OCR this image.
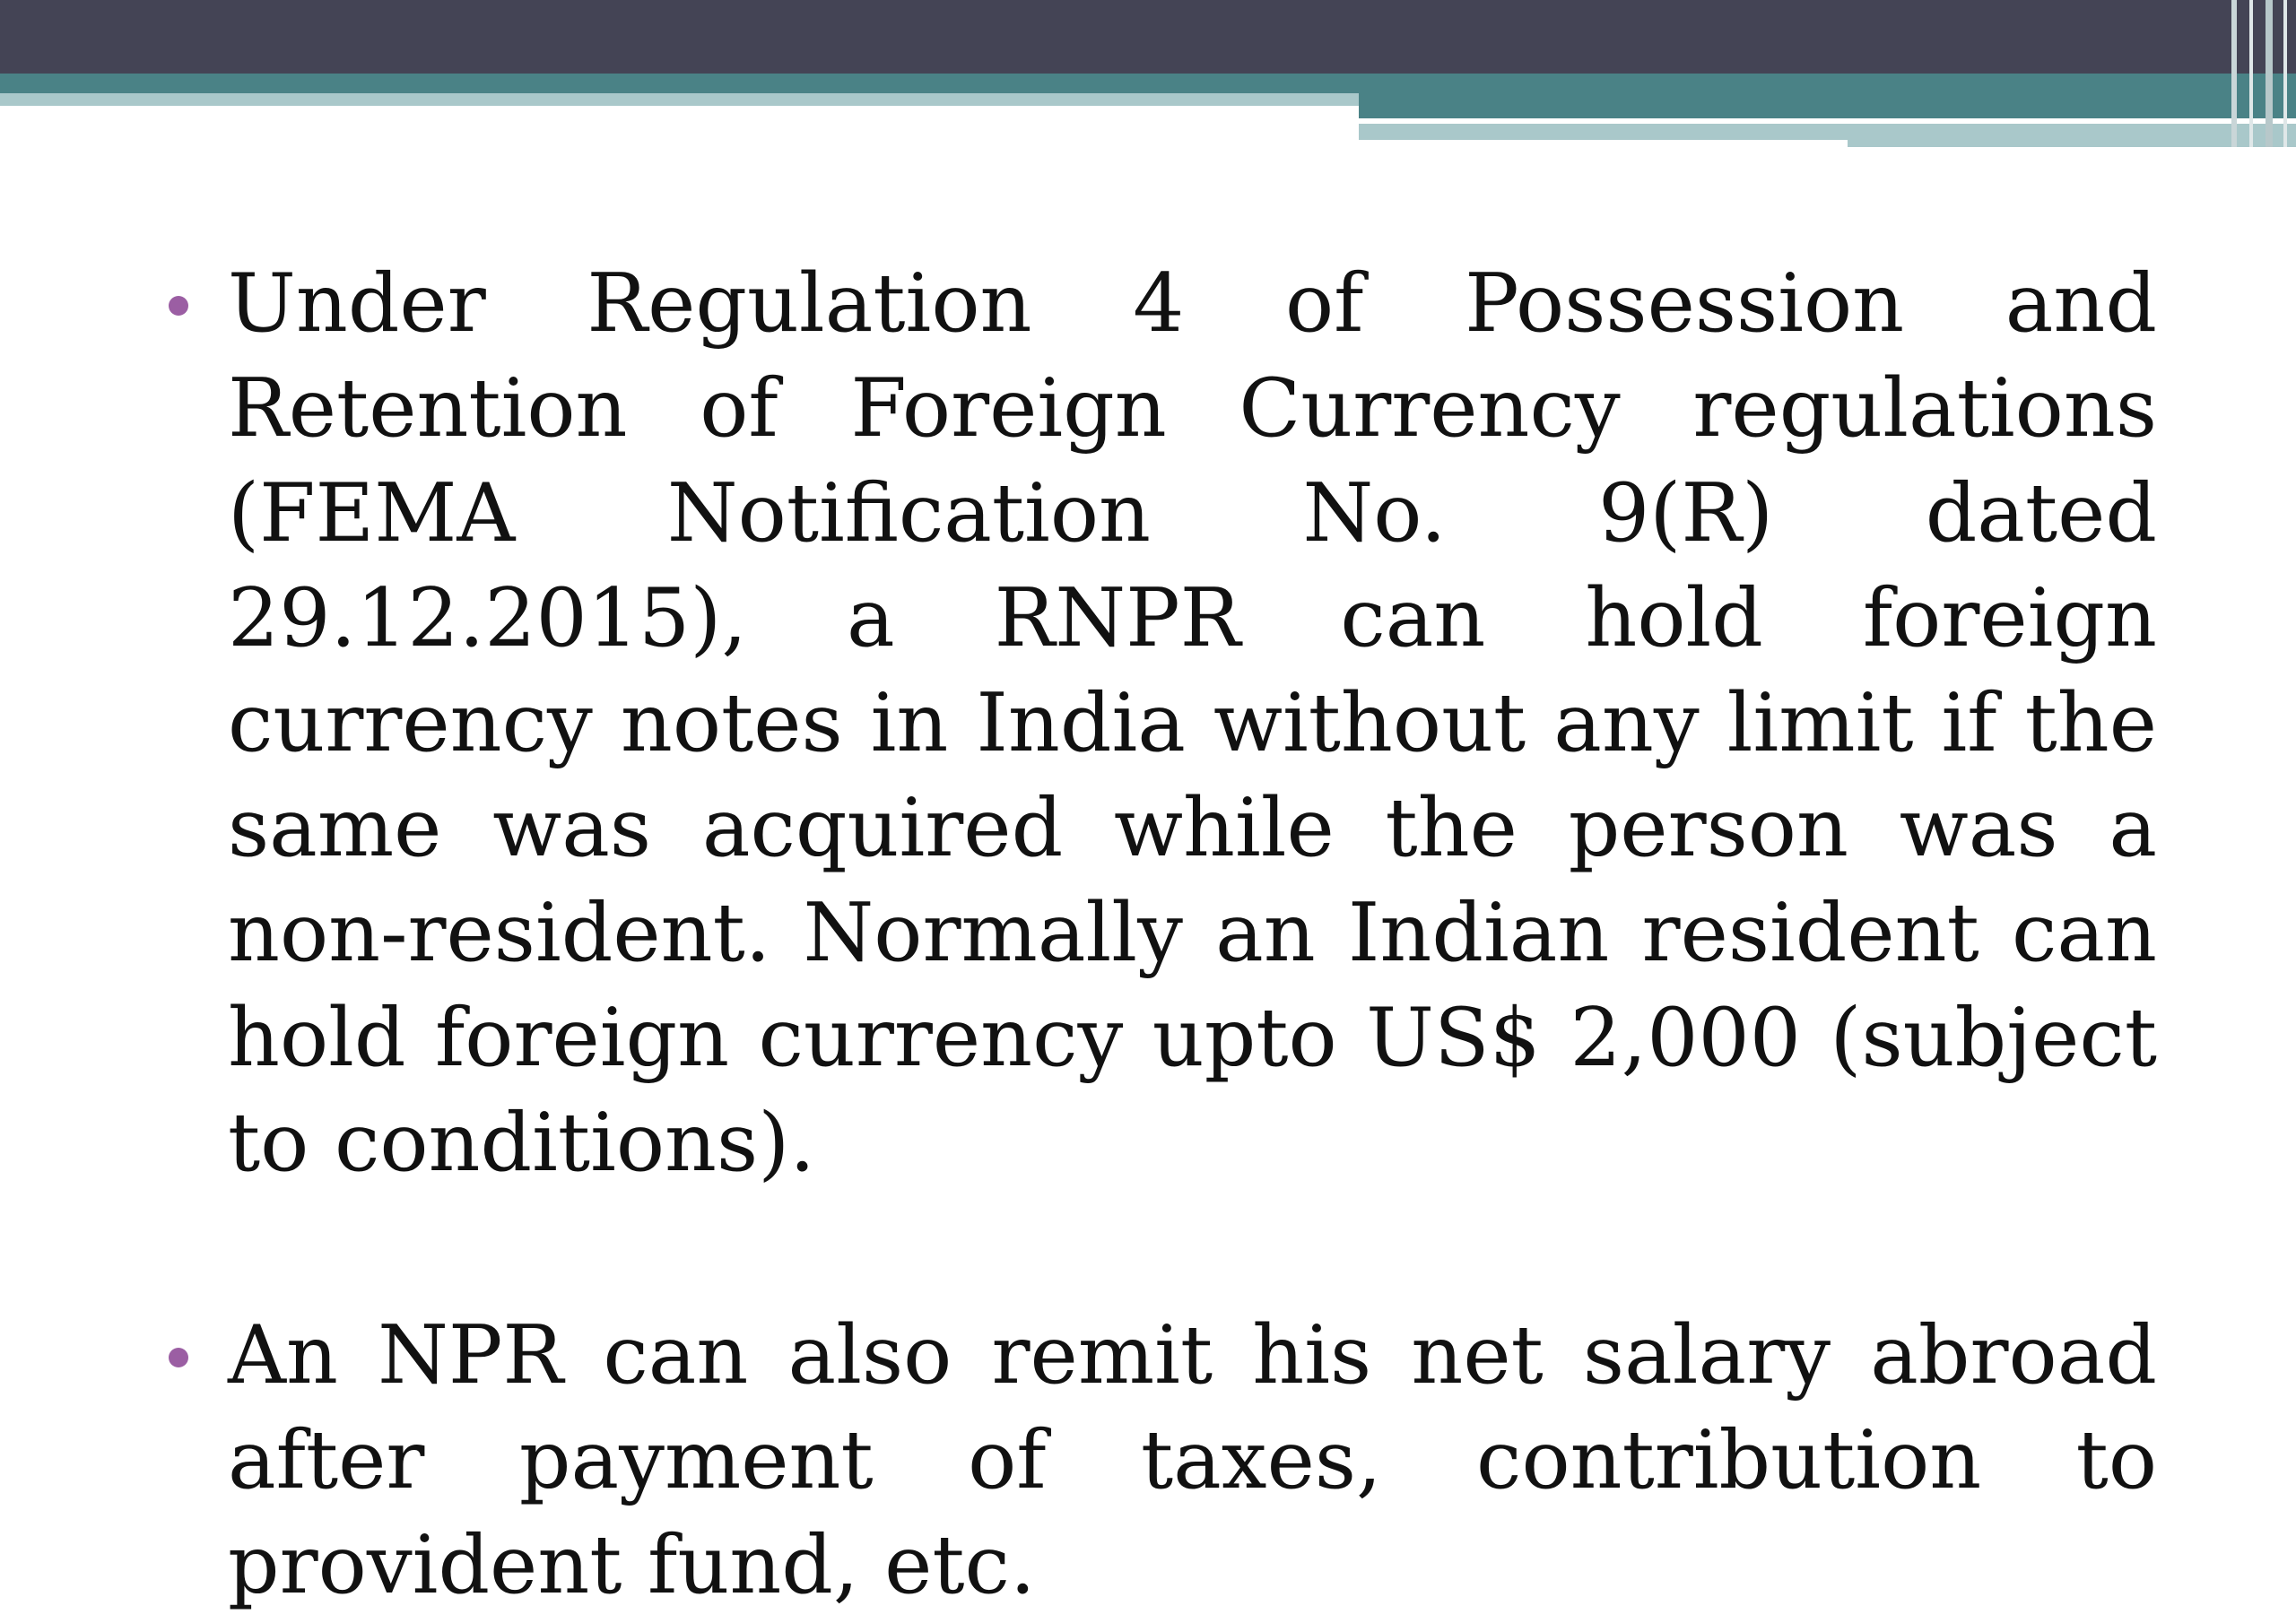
Under Regulation 4 of Possession and Retention of Foreign Currency regulations (FEMA Notification No. 9(R) dated 29.12.2015), a RNPR can hold foreign currency notes in India without any limit if the same was acquired while the person was a non-resident. Normally an Indian resident can hold foreign currency upto US$ 2,000 (subject to conditions).
An NPR can also remit his net salary abroad after payment of taxes, contribution to provident fund, etc.
